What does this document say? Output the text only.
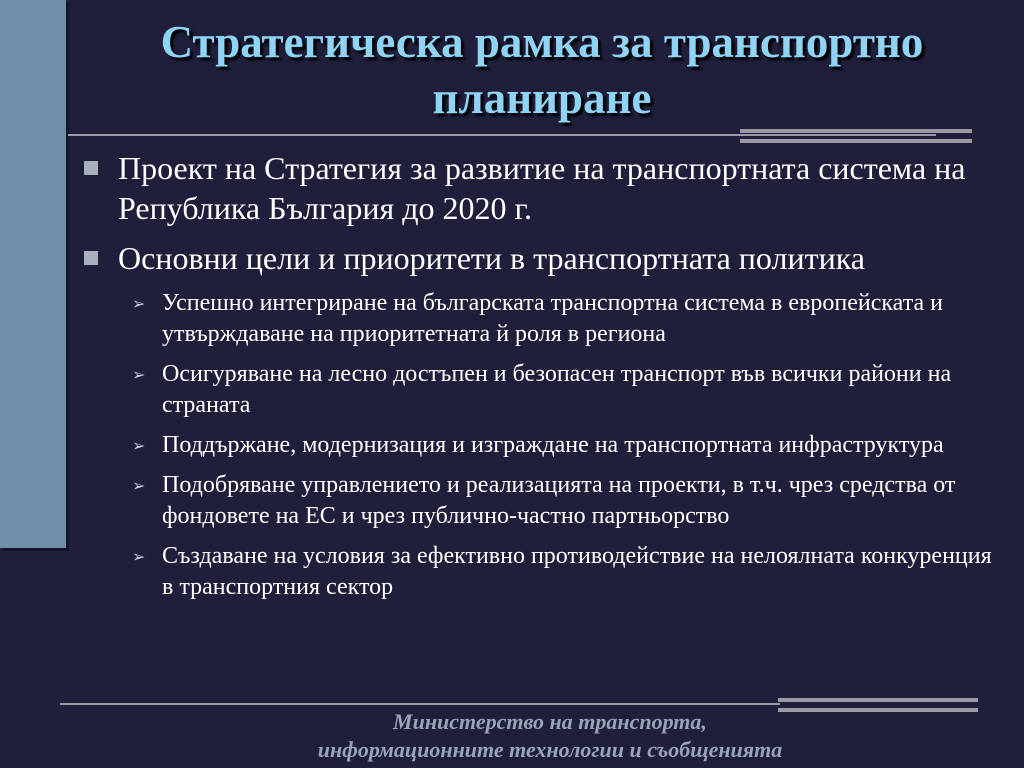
Стратегическа рамка за транспортно планиране
Проект на Стратегия за развитие на транспортната система на Република България до 2020 г.
Основни цели и приоритети в транспортната политика
➢ Успешно интегриране на българската транспортна система в европейската и утвърждаване на приоритетната й роля в региона
➢ Осигуряване на лесно достъпен и безопасен транспорт във всички райони на страната
➢ Поддържане, модернизация и изграждане на транспортната инфраструктура
➢ Подобряване управлението и реализацията на проекти, в т.ч. чрез средства от фондовете на ЕС и чрез публично-частно партньорство
➢ Създаване на условия за ефективно противодействие на нелоялната конкуренция в транспортния сектор
Министерство на транспорта,
информационните технологии и съобщенията
